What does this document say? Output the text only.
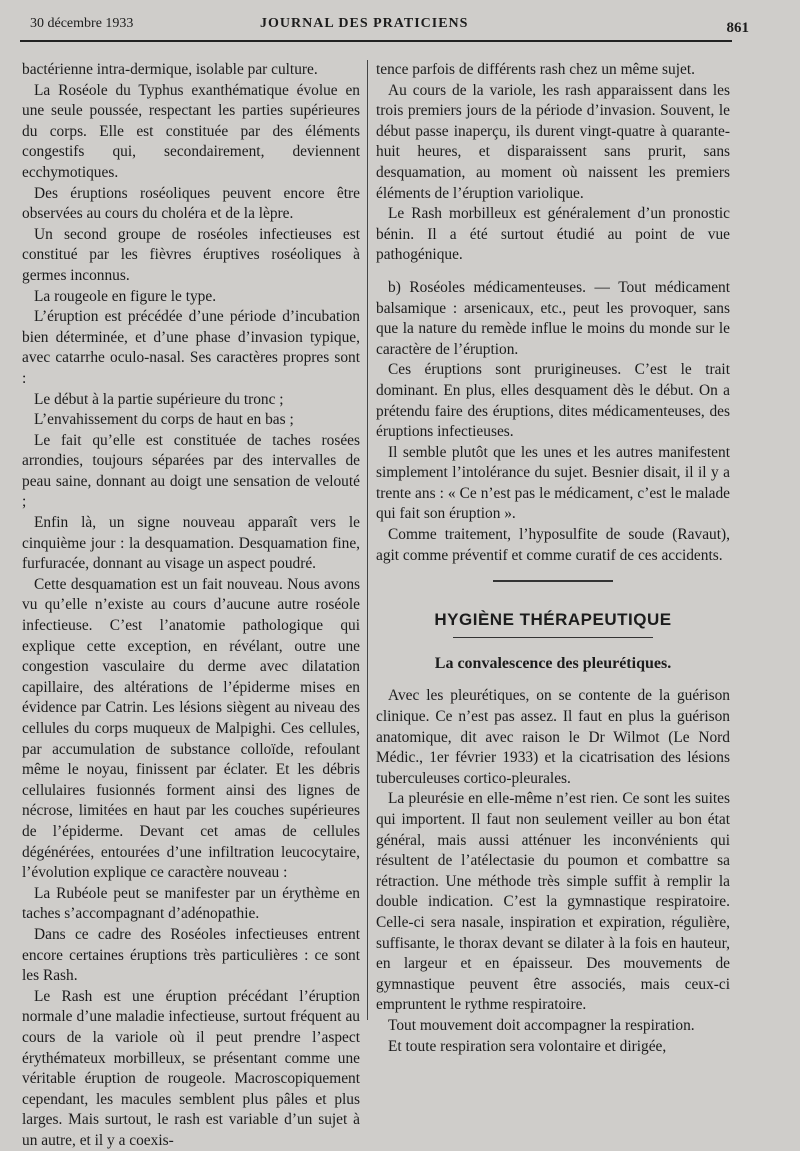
30 décembre 1933	JOURNAL DES PRATICIENS	861

bactérienne intra-dermique, isolable par culture.

La Roséole du Typhus exanthématique évolue en une seule poussée, respectant les parties supérieures du corps. Elle est constituée par des éléments congestifs qui, secondairement, deviennent ecchymotiques.

Des éruptions roséoliques peuvent encore être observées au cours du choléra et de la lèpre.

Un second groupe de roséoles infectieuses est constitué par les fièvres éruptives roséoliques à germes inconnus.

La rougeole en figure le type.

L’éruption est précédée d’une période d’incubation bien déterminée, et d’une phase d’invasion typique, avec catarrhe oculo-nasal. Ses caractères propres sont :

Le début à la partie supérieure du tronc ;

L’envahissement du corps de haut en bas ;

Le fait qu’elle est constituée de taches rosées arrondies, toujours séparées par des intervalles de peau saine, donnant au doigt une sensation de velouté ;

Enfin là, un signe nouveau apparaît vers le cinquième jour : la desquamation. Desquamation fine, furfuracée, donnant au visage un aspect poudré.

Cette desquamation est un fait nouveau. Nous avons vu qu’elle n’existe au cours d’aucune autre roséole infectieuse. C’est l’anatomie pathologique qui explique cette exception, en révélant, outre une congestion vasculaire du derme avec dilatation capillaire, des altérations de l’épiderme mises en évidence par Catrin. Les lésions siègent au niveau des cellules du corps muqueux de Malpighi. Ces cellules, par accumulation de substance colloïde, refoulant même le noyau, finissent par éclater. Et les débris cellulaires fusionnés forment ainsi des lignes de nécrose, limitées en haut par les couches supérieures de l’épiderme. Devant cet amas de cellules dégénérées, entourées d’une infiltration leucocytaire, l’évolution explique ce caractère nouveau :

La Rubéole peut se manifester par un érythème en taches s’accompagnant d’adénopathie.

Dans ce cadre des Roséoles infectieuses entrent encore certaines éruptions très particulières : ce sont les Rash.

Le Rash est une éruption précédant l’éruption normale d’une maladie infectieuse, surtout fréquent au cours de la variole où il peut prendre l’aspect érythémateux morbilleux, se présentant comme une véritable éruption de rougeole. Macroscopiquement cependant, les macules semblent plus pâles et plus larges. Mais surtout, le rash est variable d’un sujet à un autre, et il y a coexis-

tence parfois de différents rash chez un même sujet.

Au cours de la variole, les rash apparaissent dans les trois premiers jours de la période d’invasion. Souvent, le début passe inaperçu, ils durent vingt-quatre à quarante-huit heures, et disparaissent sans prurit, sans desquamation, au moment où naissent les premiers éléments de l’éruption variolique.

Le Rash morbilleux est généralement d’un pronostic bénin. Il a été surtout étudié au point de vue pathogénique.

b) Roséoles médicamenteuses. — Tout médicament balsamique : arsenicaux, etc., peut les provoquer, sans que la nature du remède influe le moins du monde sur le caractère de l’éruption.

Ces éruptions sont prurigineuses. C’est le trait dominant. En plus, elles desquament dès le début. On a prétendu faire des éruptions, dites médicamenteuses, des éruptions infectieuses.

Il semble plutôt que les unes et les autres manifestent simplement l’intolérance du sujet. Besnier disait, il il y a trente ans : « Ce n’est pas le médicament, c’est le malade qui fait son éruption ».

Comme traitement, l’hyposulfite de soude (Ravaut), agit comme préventif et comme curatif de ces accidents.

HYGIÈNE THÉRAPEUTIQUE
La convalescence des pleurétiques.

Avec les pleurétiques, on se contente de la guérison clinique. Ce n’est pas assez. Il faut en plus la guérison anatomique, dit avec raison le Dr Wilmot (Le Nord Médic., 1er février 1933) et la cicatrisation des lésions tuberculeuses cortico-pleurales.

La pleurésie en elle-même n’est rien. Ce sont les suites qui importent. Il faut non seulement veiller au bon état général, mais aussi atténuer les inconvénients qui résultent de l’atélectasie du poumon et combattre sa rétraction. Une méthode très simple suffit à remplir la double indication. C’est la gymnastique respiratoire. Celle-ci sera nasale, inspiration et expiration, régulière, suffisante, le thorax devant se dilater à la fois en hauteur, en largeur et en épaisseur. Des mouvements de gymnastique peuvent être associés, mais ceux-ci empruntent le rythme respiratoire.

Tout mouvement doit accompagner la respiration.

Et toute respiration sera volontaire et dirigée,
